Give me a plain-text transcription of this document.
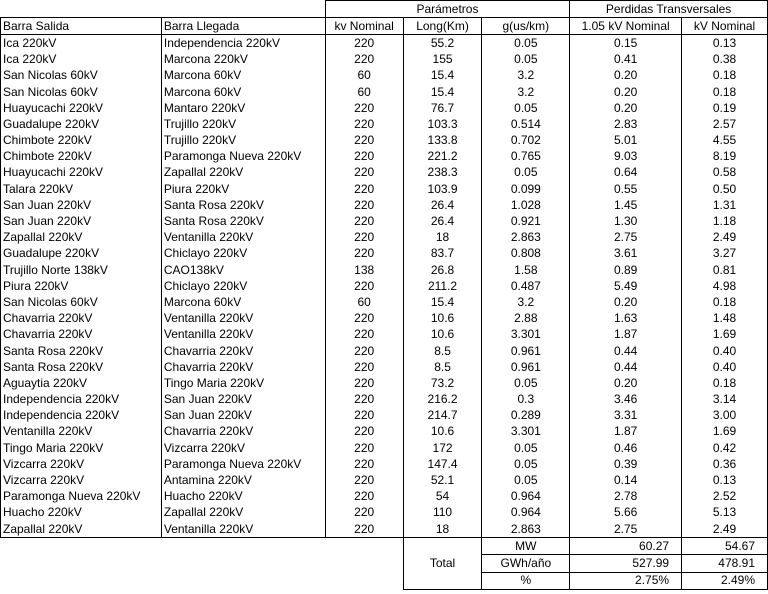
		Parámetros			Perdidas Transversales	
Barra Salida	Barra Llegada	kv Nominal	Long(Km)	g(us/km)	1.05 kV Nominal	kV Nominal
Ica 220kV	Independencia 220kV	220	55.2	0.05	0.15	0.13
Ica 220kV	Marcona 220kV	220	155	0.05	0.41	0.38
San Nicolas 60kV	Marcona 60kV	60	15.4	3.2	0.20	0.18
San Nicolas 60kV	Marcona 60kV	60	15.4	3.2	0.20	0.18
Huayucachi 220kV	Mantaro 220kV	220	76.7	0.05	0.20	0.19
Guadalupe 220kV	Trujillo 220kV	220	103.3	0.514	2.83	2.57
Chimbote 220kV	Trujillo 220kV	220	133.8	0.702	5.01	4.55
Chimbote 220kV	Paramonga Nueva 220kV	220	221.2	0.765	9.03	8.19
Huayucachi 220kV	Zapallal 220kV	220	238.3	0.05	0.64	0.58
Talara 220kV	Piura 220kV	220	103.9	0.099	0.55	0.50
San Juan 220kV	Santa Rosa 220kV	220	26.4	1.028	1.45	1.31
San Juan 220kV	Santa Rosa 220kV	220	26.4	0.921	1.30	1.18
Zapallal 220kV	Ventanilla 220kV	220	18	2.863	2.75	2.49
Guadalupe 220kV	Chiclayo 220kV	220	83.7	0.808	3.61	3.27
Trujillo Norte 138kV	CAO138kV	138	26.8	1.58	0.89	0.81
Piura 220kV	Chiclayo 220kV	220	211.2	0.487	5.49	4.98
San Nicolas 60kV	Marcona 60kV	60	15.4	3.2	0.20	0.18
Chavarria 220kV	Ventanilla 220kV	220	10.6	2.88	1.63	1.48
Chavarria 220kV	Ventanilla 220kV	220	10.6	3.301	1.87	1.69
Santa Rosa 220kV	Chavarria 220kV	220	8.5	0.961	0.44	0.40
Santa Rosa 220kV	Chavarria 220kV	220	8.5	0.961	0.44	0.40
Aguaytia 220kV	Tingo Maria 220kV	220	73.2	0.05	0.20	0.18
Independencia 220kV	San Juan 220kV	220	216.2	0.3	3.46	3.14
Independencia 220kV	San Juan 220kV	220	214.7	0.289	3.31	3.00
Ventanilla 220kV	Chavarria 220kV	220	10.6	3.301	1.87	1.69
Tingo Maria 220kV	Vizcarra 220kV	220	172	0.05	0.46	0.42
Vizcarra 220kV	Paramonga Nueva 220kV	220	147.4	0.05	0.39	0.36
Vizcarra 220kV	Antamina 220kV	220	52.1	0.05	0.14	0.13
Paramonga Nueva 220kV	Huacho 220kV	220	54	0.964	2.78	2.52
Huacho 220kV	Zapallal 220kV	220	110	0.964	5.66	5.13
Zapallal 220kV	Ventanilla 220kV	220	18	2.863	2.75	2.49
			Total	MW	60.27	54.67
				GWh/año	527.99	478.91
				%	2.75%	2.49%
